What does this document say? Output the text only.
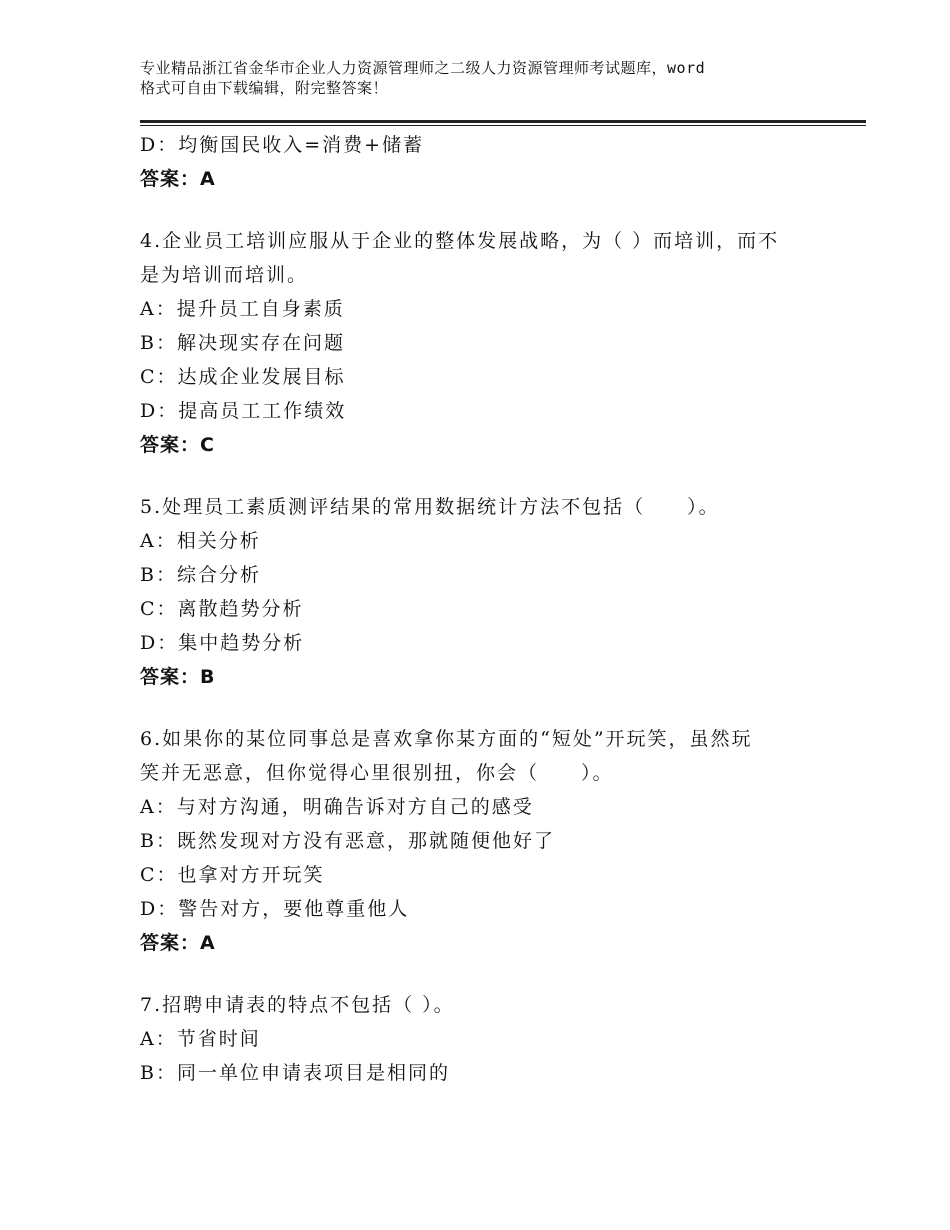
专业精品浙江省金华市企业人力资源管理师之二级人力资源管理师考试题库，word
格式可自由下载编辑，附完整答案！
D：均衡国民收入=消费+储蓄
答案：A
4.企业员工培训应服从于企业的整体发展战略，为（ ）而培训，而不
是为培训而培训。
A：提升员工自身素质
B：解决现实存在问题
C：达成企业发展目标
D：提高员工工作绩效
答案：C
5.处理员工素质测评结果的常用数据统计方法不包括（　　）。
A：相关分析
B：综合分析
C：离散趋势分析
D：集中趋势分析
答案：B
6.如果你的某位同事总是喜欢拿你某方面的“短处”开玩笑，虽然玩
笑并无恶意，但你觉得心里很别扭，你会（　　）。
A：与对方沟通，明确告诉对方自己的感受
B：既然发现对方没有恶意，那就随便他好了
C：也拿对方开玩笑
D：警告对方，要他尊重他人
答案：A
7.招聘申请表的特点不包括（ ）。
A：节省时间
B：同一单位申请表项目是相同的
